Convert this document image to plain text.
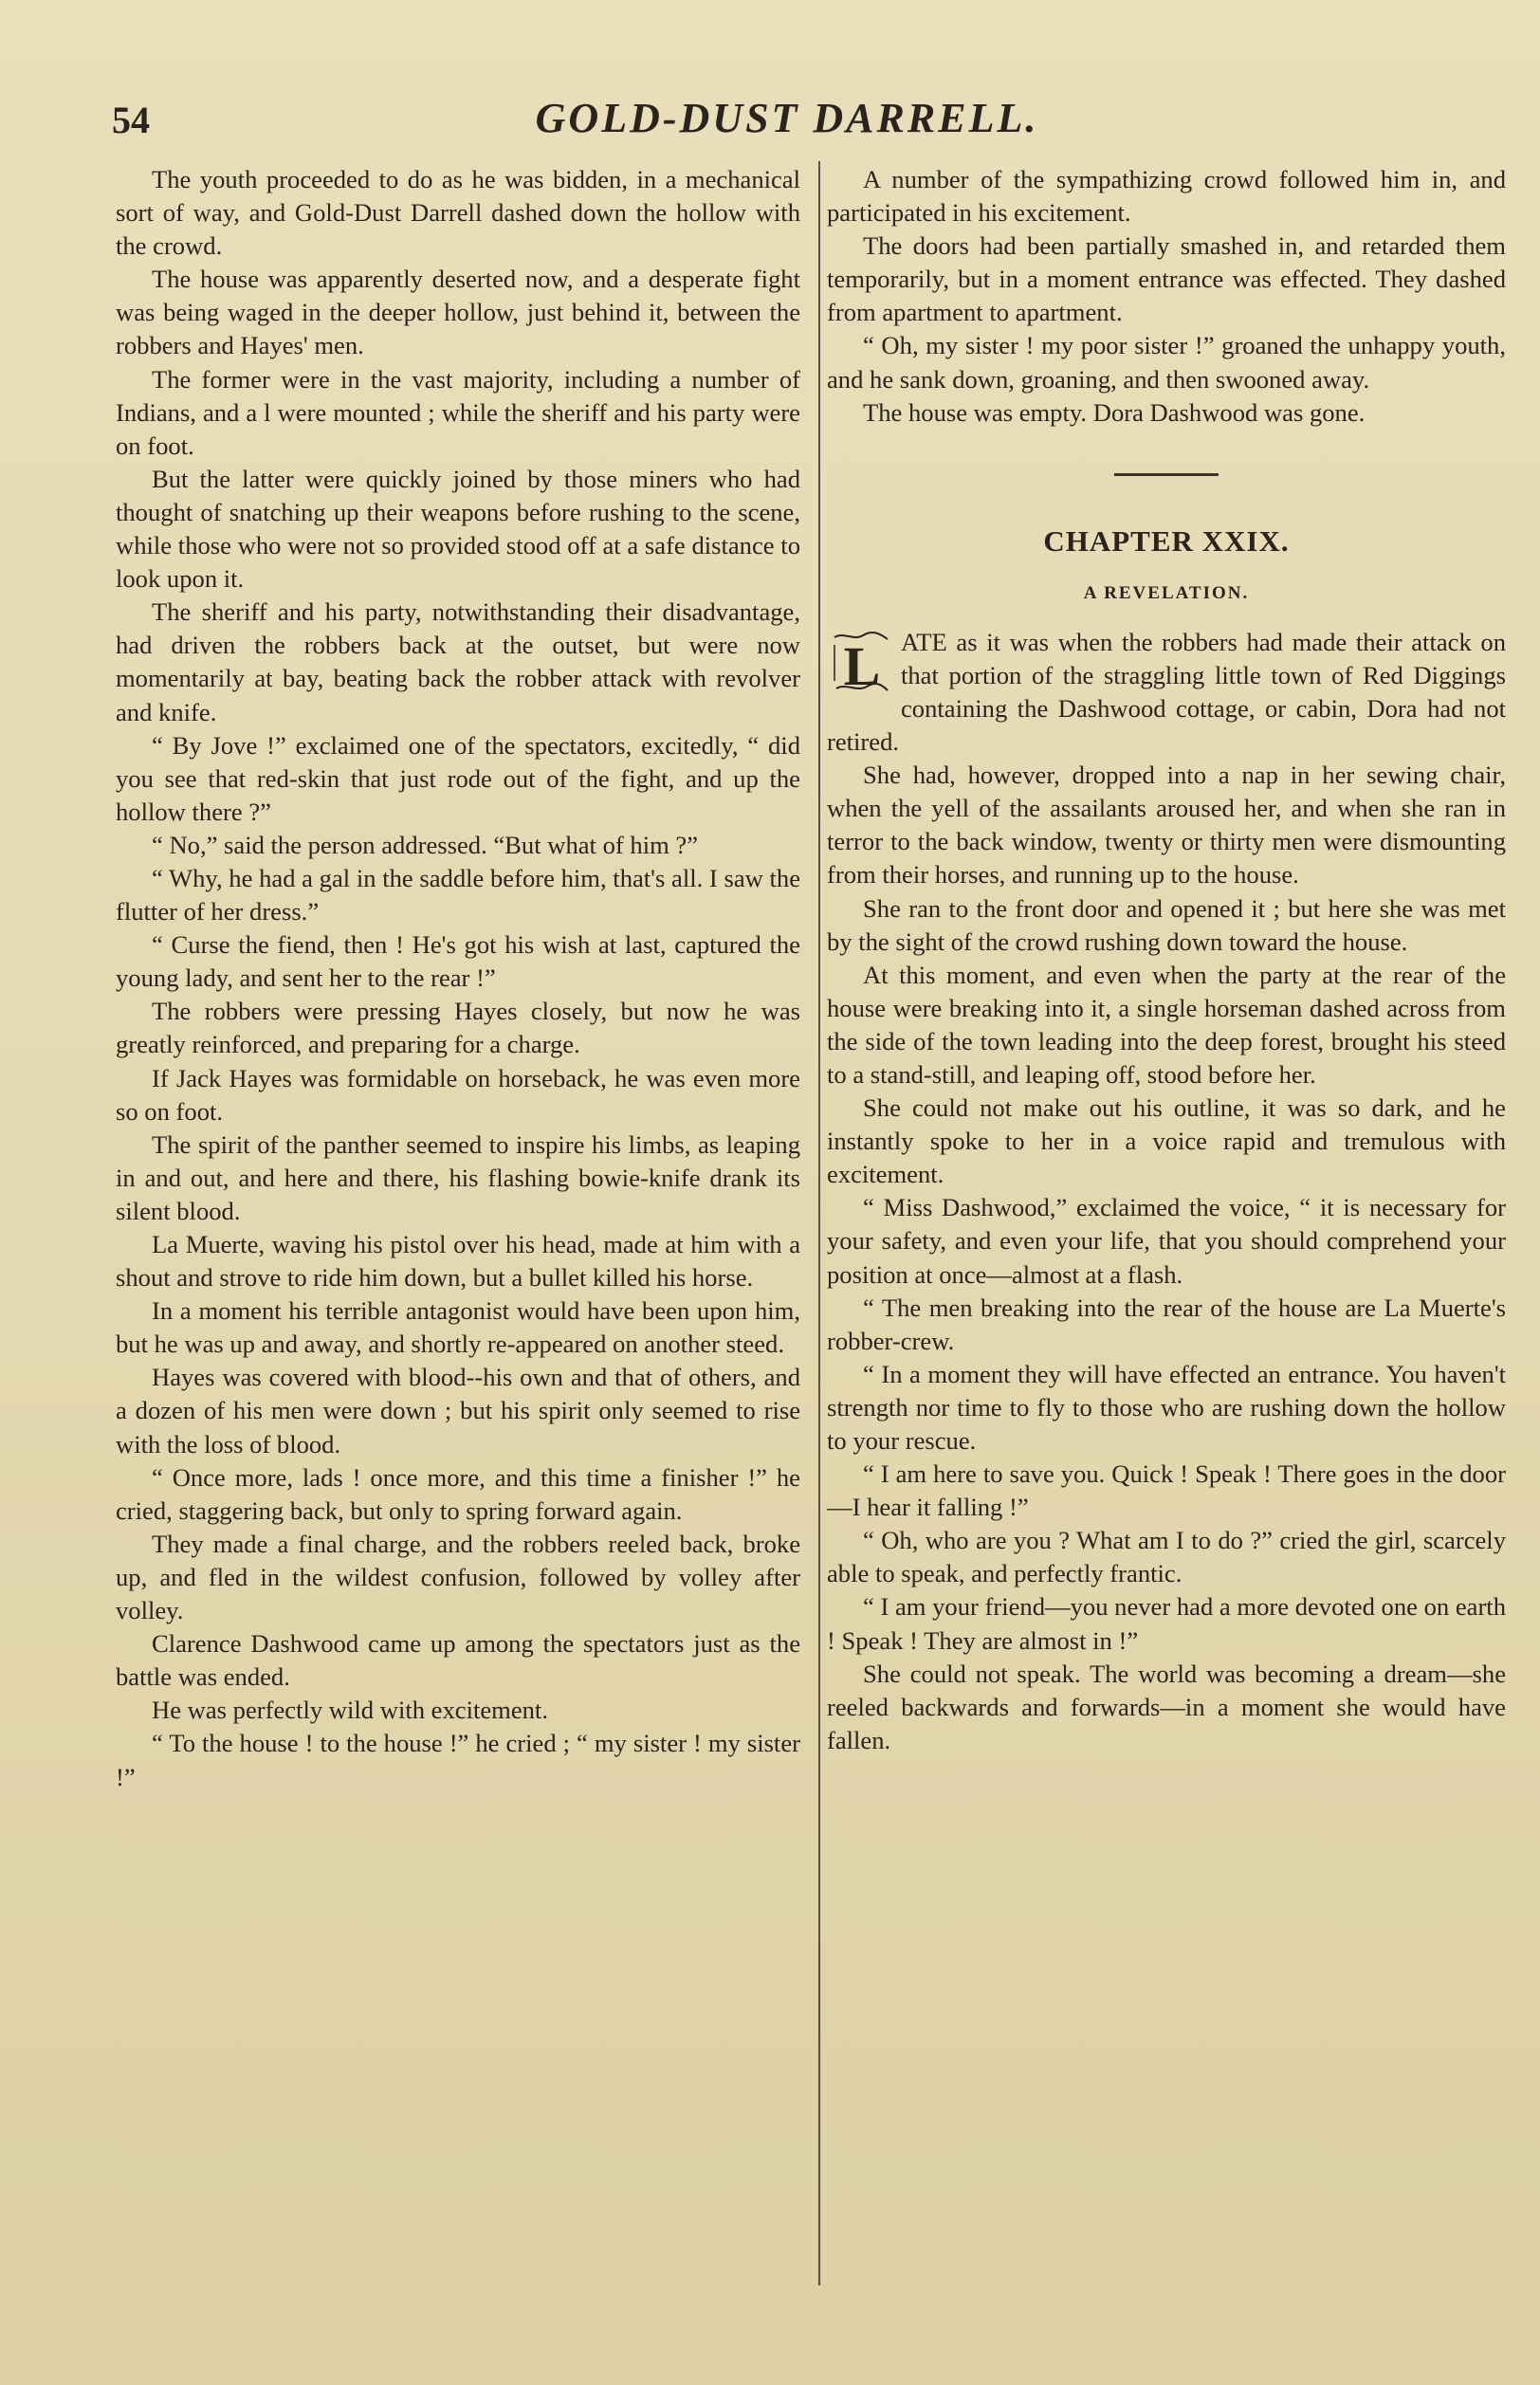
54	GOLD-DUST DARRELL.

The youth proceeded to do as he was bidden, in a mechanical sort of way, and Gold-Dust Darrell dashed down the hollow with the crowd.

The house was apparently deserted now, and a desperate fight was being waged in the deeper hollow, just behind it, between the robbers and Hayes' men.

The former were in the vast majority, including a number of Indians, and a l were mounted ; while the sheriff and his party were on foot.

But the latter were quickly joined by those miners who had thought of snatching up their weapons before rushing to the scene, while those who were not so provided stood off at a safe distance to look upon it.

The sheriff and his party, notwithstanding their disadvantage, had driven the robbers back at the outset, but were now momentarily at bay, beating back the robber attack with revolver and knife.

“ By Jove !” exclaimed one of the spectators, excitedly, “ did you see that red-skin that just rode out of the fight, and up the hollow there ?”

“ No,” said the person addressed. “But what of him ?”

“ Why, he had a gal in the saddle before him, that's all. I saw the flutter of her dress.”

“ Curse the fiend, then ! He's got his wish at last, captured the young lady, and sent her to the rear !”

The robbers were pressing Hayes closely, but now he was greatly reinforced, and preparing for a charge.

If Jack Hayes was formidable on horseback, he was even more so on foot.

The spirit of the panther seemed to inspire his limbs, as leaping in and out, and here and there, his flashing bowie-knife drank its silent blood.

La Muerte, waving his pistol over his head, made at him with a shout and strove to ride him down, but a bullet killed his horse.

In a moment his terrible antagonist would have been upon him, but he was up and away, and shortly re-appeared on another steed.

Hayes was covered with blood--his own and that of others, and a dozen of his men were down ; but his spirit only seemed to rise with the loss of blood.

“ Once more, lads ! once more, and this time a finisher !” he cried, staggering back, but only to spring forward again.

They made a final charge, and the robbers reeled back, broke up, and fled in the wildest confusion, followed by volley after volley.

Clarence Dashwood came up among the spectators just as the battle was ended.

He was perfectly wild with excitement.

“ To the house ! to the house !” he cried ; “ my sister ! my sister !”

A number of the sympathizing crowd followed him in, and participated in his excitement.

The doors had been partially smashed in, and retarded them temporarily, but in a moment entrance was effected. They dashed from apartment to apartment.

“ Oh, my sister ! my poor sister !” groaned the unhappy youth, and he sank down, groaning, and then swooned away.

The house was empty. Dora Dashwood was gone.

CHAPTER XXIX.
A REVELATION.

L ATE as it was when the robbers had made their attack on that portion of the straggling little town of Red Diggings containing the Dashwood cottage, or cabin, Dora had not retired.

She had, however, dropped into a nap in her sewing chair, when the yell of the assailants aroused her, and when she ran in terror to the back window, twenty or thirty men were dismounting from their horses, and running up to the house.

She ran to the front door and opened it ; but here she was met by the sight of the crowd rushing down toward the house.

At this moment, and even when the party at the rear of the house were breaking into it, a single horseman dashed across from the side of the town leading into the deep forest, brought his steed to a stand-still, and leaping off, stood before her.

She could not make out his outline, it was so dark, and he instantly spoke to her in a voice rapid and tremulous with excitement.

“ Miss Dashwood,” exclaimed the voice, “ it is necessary for your safety, and even your life, that you should comprehend your position at once—almost at a flash.

“ The men breaking into the rear of the house are La Muerte's robber-crew.

“ In a moment they will have effected an entrance. You haven't strength nor time to fly to those who are rushing down the hollow to your rescue.

“ I am here to save you. Quick ! Speak ! There goes in the door—I hear it falling !”

“ Oh, who are you ? What am I to do ?” cried the girl, scarcely able to speak, and perfectly frantic.

“ I am your friend—you never had a more devoted one on earth ! Speak ! They are almost in !”

She could not speak. The world was becoming a dream—she reeled backwards and forwards—in a moment she would have fallen.
